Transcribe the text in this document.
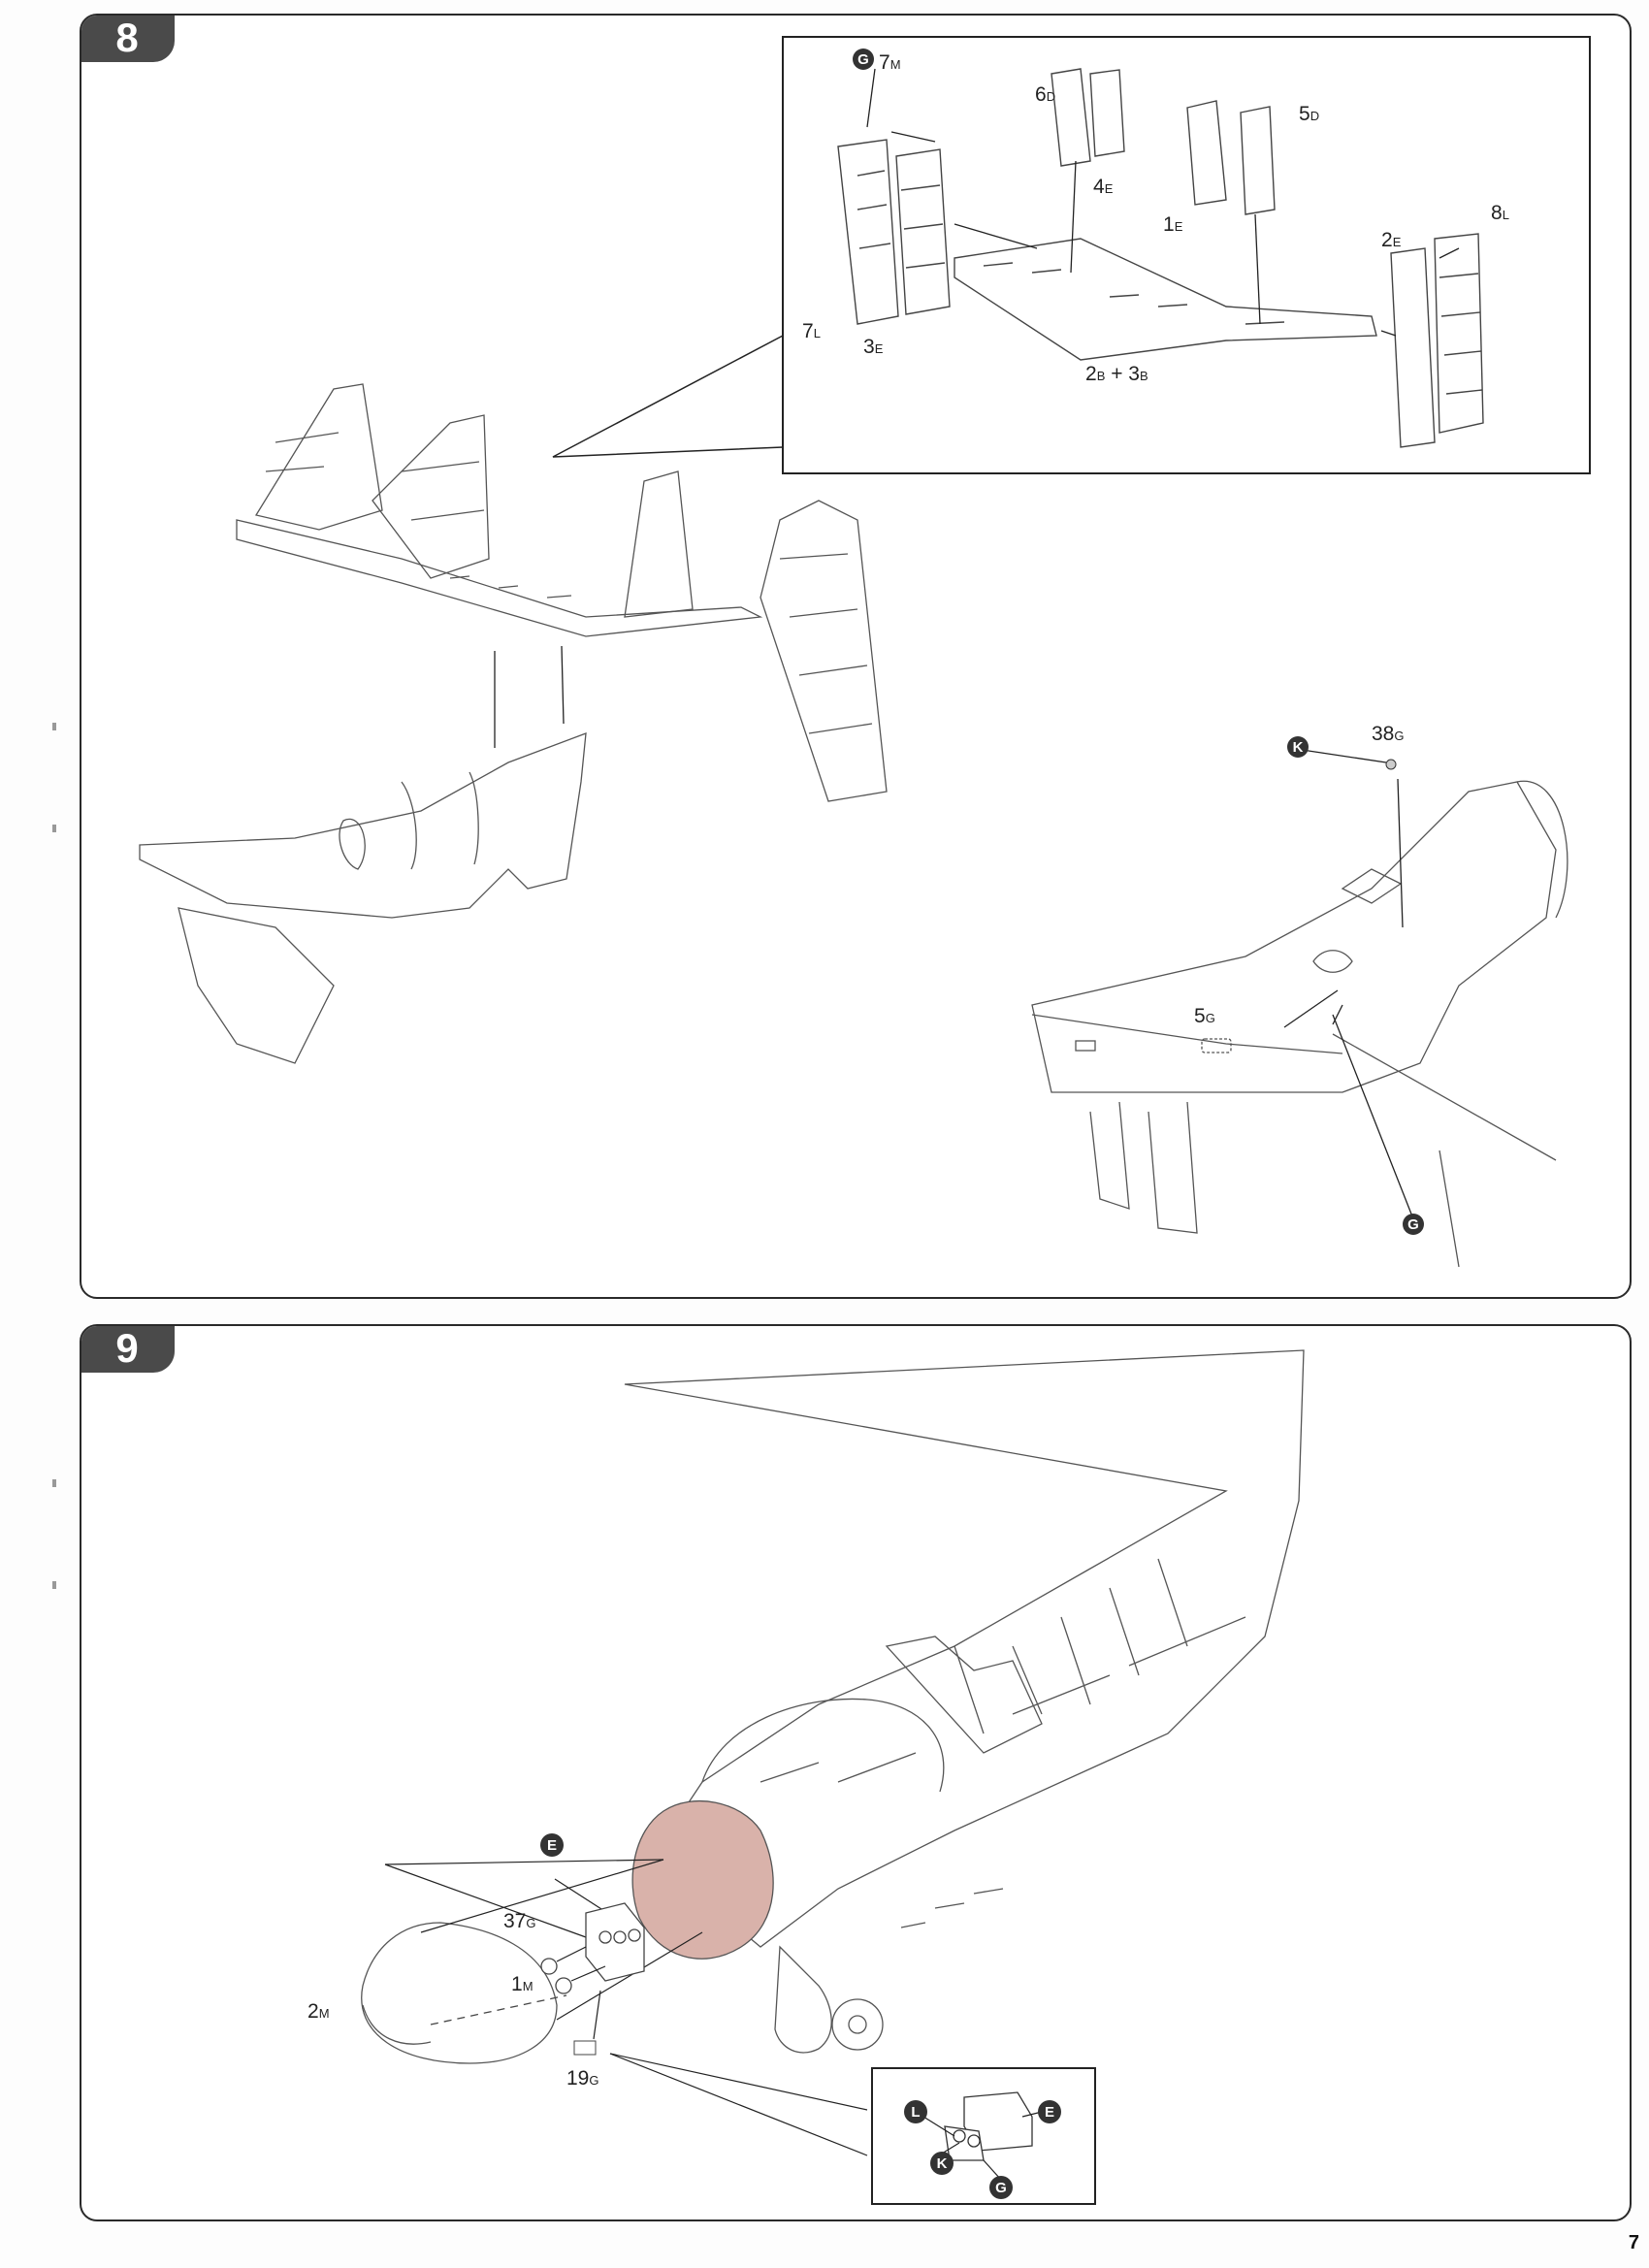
8	G
K
G
7M
6D
5D
4E
1E
2E
8L
7L
3E
2B + 3B
38G
5G
9
E
L	E
K
G
37G
1M
2M
19G
7
